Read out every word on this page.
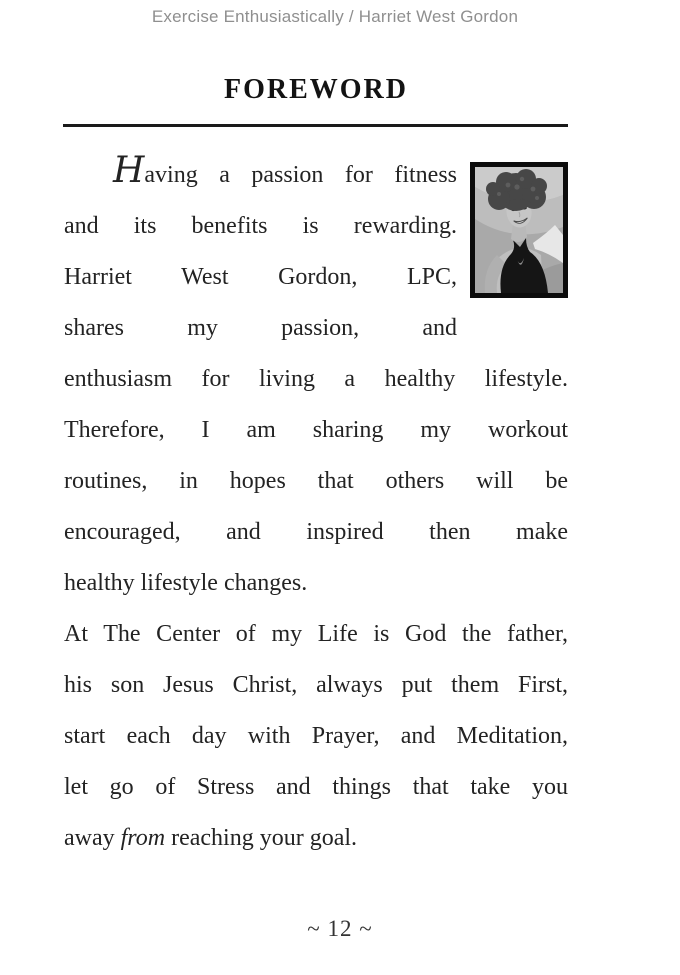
Exercise Enthusiastically / Harriet West Gordon
FOREWORD
Having a passion for fitness
and its benefits is rewarding.
Harriet West Gordon, LPC,
shares my passion, and
enthusiasm for living a healthy lifestyle.
Therefore, I am sharing my workout
routines, in hopes that others will be
encouraged, and inspired then make
healthy lifestyle changes.
At The Center of my Life is God the father,
his son Jesus Christ, always put them First,
start each day with Prayer, and Meditation,
let go of Stress and things that take you
away from reaching your goal.
~ 12 ~
